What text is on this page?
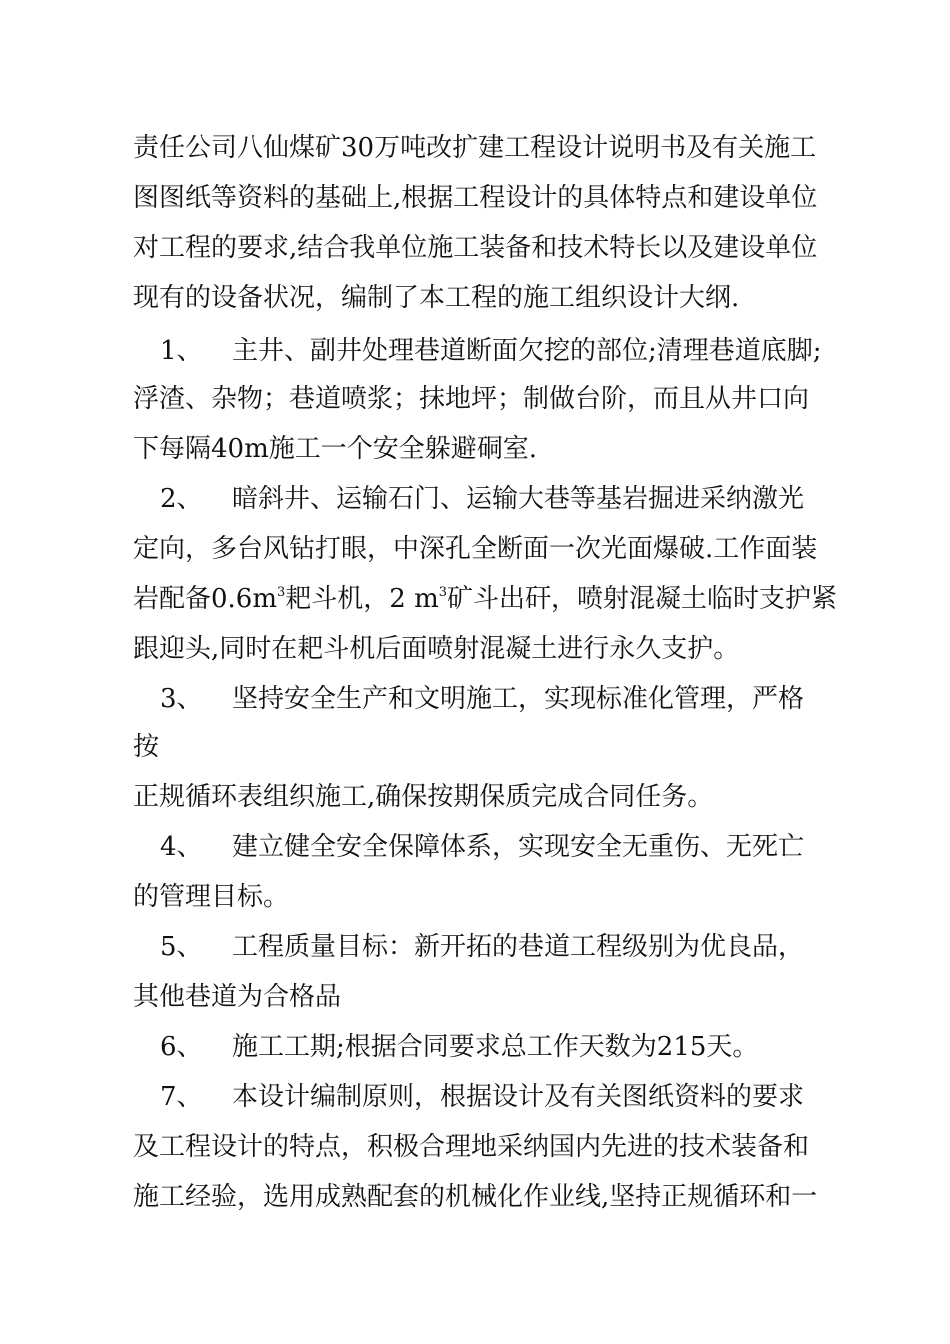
责任公司八仙煤矿30万吨改扩建工程设计说明书及有关施工
图图纸等资料的基础上,根据工程设计的具体特点和建设单位
对工程的要求,结合我单位施工装备和技术特长以及建设单位
现有的设备状况，编制了本工程的施工组织设计大纲.
1、 主井、副井处理巷道断面欠挖的部位;清理巷道底脚;
浮渣、杂物；巷道喷浆；抹地坪；制做台阶，而且从井口向
下每隔40m施工一个安全躲避硐室.
2、 暗斜井、运输石门、运输大巷等基岩掘进采纳激光
定向，多台风钻打眼，中深孔全断面一次光面爆破.工作面装
岩配备$0.6m^3$耙斗机，2 $m^3$矿斗出矸，喷射混凝土临时支护紧
跟迎头,同时在耙斗机后面喷射混凝土进行永久支护。
3、 坚持安全生产和文明施工，实现标准化管理，严格
按
正规循环表组织施工,确保按期保质完成合同任务。
4、 建立健全安全保障体系，实现安全无重伤、无死亡
的管理目标。
5、 工程质量目标：新开拓的巷道工程级别为优良品，
其他巷道为合格品
6、 施工工期;根据合同要求总工作天数为215天。
7、 本设计编制原则，根据设计及有关图纸资料的要求
及工程设计的特点，积极合理地采纳国内先进的技术装备和
施工经验，选用成熟配套的机械化作业线,坚持正规循环和一
